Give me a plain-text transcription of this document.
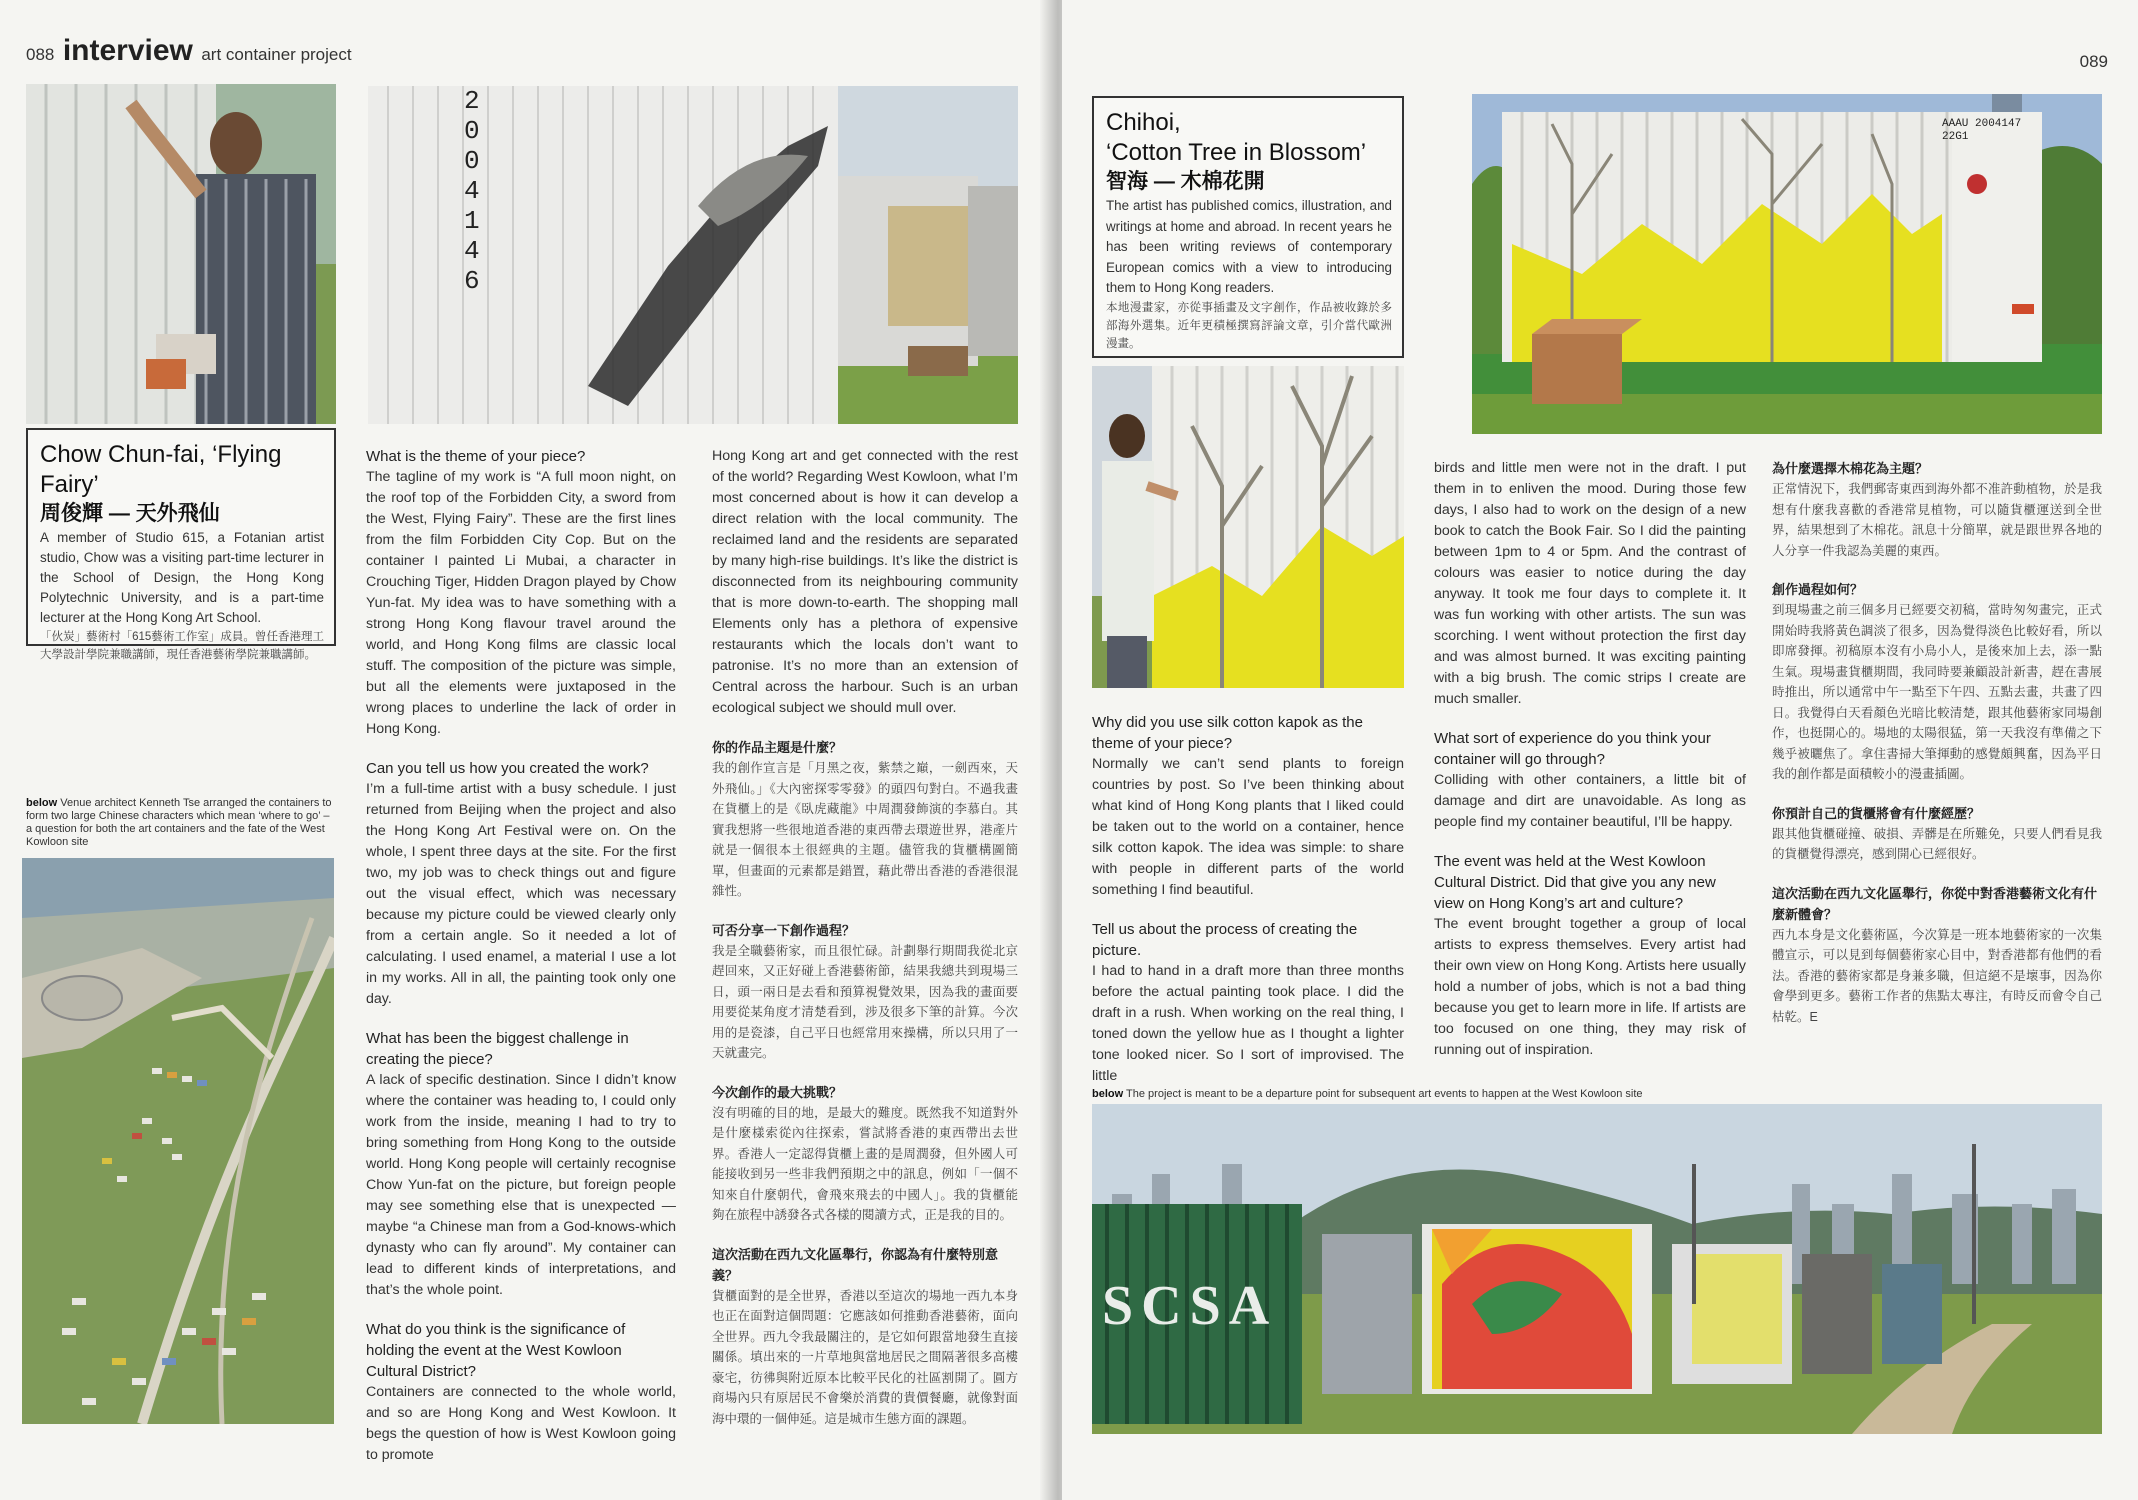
088 interview art container project
2004146
Chow Chun-fai, ‘Flying Fairy’
周俊輝 — 天外飛仙

A member of Studio 615, a Fotanian artist studio, Chow was a visiting part-time lecturer in the School of Design, the Hong Kong Polytechnic University, and is a part-time lecturer at the Hong Kong Art School.

「伙炭」藝術村「615藝術工作室」成員。曾任香港理工大學設計學院兼職講師，現任香港藝術學院兼職講師。

below Venue architect Kenneth Tse arranged the containers to form two large Chinese characters which mean ‘where to go’ – a question for both the art containers and the fate of the West Kowloon site

What is the theme of your piece?

The tagline of my work is “A full moon night, on the roof top of the Forbidden City, a sword from the West, Flying Fairy”. These are the first lines from the film Forbidden City Cop. But on the container I painted Li Mubai, a character in Crouching Tiger, Hidden Dragon played by Chow Yun-fat. My idea was to have something with a strong Hong Kong flavour travel around the world, and Hong Kong films are classic local stuff. The composition of the picture was simple, but all the elements were juxtaposed in the wrong places to underline the lack of order in Hong Kong.

Can you tell us how you created the work?

I’m a full-time artist with a busy schedule. I just returned from Beijing when the project and also the Hong Kong Art Festival were on. On the whole, I spent three days at the site. For the first two, my job was to check things out and figure out the visual effect, which was necessary because my picture could be viewed clearly only from a certain angle. So it needed a lot of calculating. I used enamel, a material I use a lot in my works. All in all, the painting took only one day.

What has been the biggest challenge in creating the piece?

A lack of specific destination. Since I didn’t know where the container was heading to, I could only work from the inside, meaning I had to try to bring something from Hong Kong to the outside world. Hong Kong people will certainly recognise Chow Yun-fat on the picture, but foreign people may see something else that is unexpected — maybe “a Chinese man from a God-knows-which dynasty who can fly around”. My container can lead to different kinds of interpretations, and that’s the whole point.

What do you think is the significance of holding the event at the West Kowloon Cultural District?

Containers are connected to the whole world, and so are Hong Kong and West Kowloon. It begs the question of how is West Kowloon going to promote

Hong Kong art and get connected with the rest of the world? Regarding West Kowloon, what I’m most concerned about is how it can develop a direct relation with the local community. The reclaimed land and the residents are separated by many high-rise buildings. It’s like the district is disconnected from its neighbouring community that is more down-to-earth. The shopping mall Elements only has a plethora of expensive restaurants which the locals don’t want to patronise. It’s no more than an extension of Central across the harbour. Such is an urban ecological subject we should mull over.

你的作品主題是什麼？

我的創作宣言是「月黑之夜，紫禁之巔，一劍西來，天外飛仙。」《大內密探零零發》的頭四句對白。不過我畫在貨櫃上的是《臥虎藏龍》中周潤發飾演的李慕白。其實我想將一些很地道香港的東西帶去環遊世界，港產片就是一個很本土很經典的主題。儘管我的貨櫃構圖簡單，但畫面的元素都是錯置，藉此帶出香港的香港很混雜性。

可否分享一下創作過程？

我是全職藝術家，而且很忙碌。計劃舉行期間我從北京趕回來，又正好碰上香港藝術節，結果我總共到現場三日，頭一兩日是去看和預算視覺效果，因為我的畫面要用要從某角度才清楚看到，涉及很多下筆的計算。今次用的是瓷漆，自己平日也經常用來操構，所以只用了一天就畫完。

今次創作的最大挑戰？

沒有明確的目的地，是最大的難度。既然我不知道對外是什麼樣索從內往探索，嘗試將香港的東西帶出去世界。香港人一定認得貨櫃上畫的是周潤發，但外國人可能接收到另一些非我們預期之中的訊息，例如「一個不知來自什麼朝代，會飛來飛去的中國人」。我的貨櫃能夠在旅程中誘發各式各樣的閱讀方式，正是我的目的。

這次活動在西九文化區舉行，你認為有什麼特別意義？

貨櫃面對的是全世界，香港以至這次的場地一西九本身也正在面對這個問題：它應該如何推動香港藝術，面向全世界。西九令我最關注的，是它如何跟當地發生直接關係。填出來的一片草地與當地居民之間隔著很多高樓豪宅，彷彿與附近原本比較平民化的社區割開了。圓方商場內只有原居民不會樂於消費的貴價餐廳，就像對面海中環的一個伸延。這是城市生態方面的課題。

089
Chihoi,
‘Cotton Tree in Blossom’
智海 — 木棉花開

The artist has published comics, illustration, and writings at home and abroad. In recent years he has been writing reviews of contemporary European comics with a view to introducing them to Hong Kong readers.

本地漫畫家，亦從事插畫及文字創作，作品被收錄於多部海外選集。近年更積極撰寫評論文章，引介當代歐洲漫畫。

AAAU 2004147 22G1

Why did you use silk cotton kapok as the theme of your piece?

Normally we can’t send plants to foreign countries by post. So I’ve been thinking about what kind of Hong Kong plants that I liked could be taken out to the world on a container, hence silk cotton kapok. The idea was simple: to share with people in different parts of the world something I find beautiful.

Tell us about the process of creating the picture.

I had to hand in a draft more than three months before the actual painting took place. I did the draft in a rush. When working on the real thing, I toned down the yellow hue as I thought a lighter tone looked nicer. So I sort of improvised. The little

birds and little men were not in the draft. I put them in to enliven the mood. During those few days, I also had to work on the design of a new book to catch the Book Fair. So I did the painting between 1pm to 4 or 5pm. And the contrast of colours was easier to notice during the day anyway. It took me four days to complete it. It was fun working with other artists. The sun was scorching. I went without protection the first day and was almost burned. It was exciting painting with a big brush. The comic strips I create are much smaller.

What sort of experience do you think your container will go through?

Colliding with other containers, a little bit of damage and dirt are unavoidable. As long as people find my container beautiful, I’ll be happy.

The event was held at the West Kowloon Cultural District. Did that give you any new view on Hong Kong’s art and culture?

The event brought together a group of local artists to express themselves. Every artist had their own view on Hong Kong. Artists here usually hold a number of jobs, which is not a bad thing because you get to learn more in life. If artists are too focused on one thing, they may risk of running out of inspiration.

為什麼選擇木棉花為主題？

正常情況下，我們郵寄東西到海外都不准許動植物，於是我想有什麼我喜歡的香港常見植物，可以隨貨櫃運送到全世界，結果想到了木棉花。訊息十分簡單，就是跟世界各地的人分享一件我認為美麗的東西。

創作過程如何？

到現場畫之前三個多月已經要交初稿，當時匆匆畫完，正式開始時我將黃色調淡了很多，因為覺得淡色比較好看，所以即席發揮。初稿原本沒有小鳥小人，是後來加上去，添一點生氣。現場畫貨櫃期間，我同時要兼顧設計新書，趕在書展時推出，所以通常中午一點至下午四、五點去畫，共畫了四日。我覺得白天看顏色光暗比較清楚，跟其他藝術家同場創作，也挺開心的。場地的太陽很猛，第一天我沒有準備之下幾乎被曬焦了。拿住書掃大筆揮動的感覺頗興奮，因為平日我的創作都是面積較小的漫畫插圖。

你預計自己的貨櫃將會有什麼經歷？

跟其他貨櫃碰撞、破損、弄髒是在所難免，只要人們看見我的貨櫃覺得漂亮，感到開心已經很好。

這次活動在西九文化區舉行，你從中對香港藝術文化有什麼新體會？

西九本身是文化藝術區，今次算是一班本地藝術家的一次集體宣示，可以見到每個藝術家心目中，對香港都有他們的看法。香港的藝術家都是身兼多職，但這絕不是壞事，因為你會學到更多。藝術工作者的焦點太專注，有時反而會令自己枯乾。E

below The project is meant to be a departure point for subsequent art events to happen at the West Kowloon site
SCSA
